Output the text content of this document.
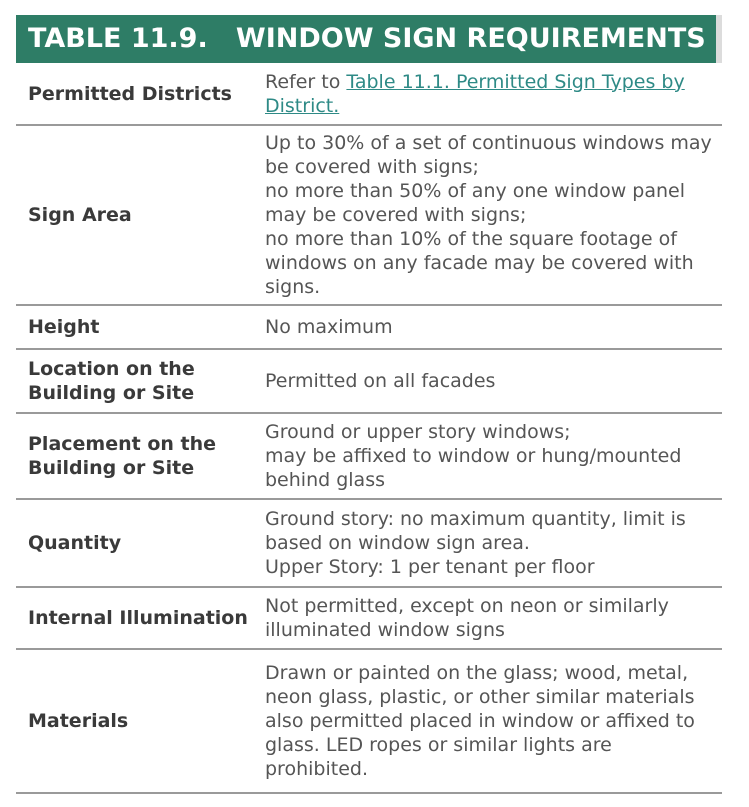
TABLE 11.9.   WINDOW SIGN REQUIREMENTS
Permitted Districts
Refer to Table 11.1. Permitted Sign Types by District.
Sign Area
Up to 30% of a set of continuous windows may be covered with signs;
no more than 50% of any one window panel may be covered with signs;
no more than 10% of the square footage of windows on any facade may be covered with signs.
Height	No maximum
Location on the Building or Site
Permitted on all facades
Placement on the Building or Site
Ground or upper story windows;
may be affixed to window or hung/mounted behind glass
Quantity
Ground story: no maximum quantity, limit is based on window sign area.
Upper Story: 1 per tenant per floor
Internal Illumination
Not permitted, except on neon or similarly illuminated window signs
Materials
Drawn or painted on the glass; wood, metal, neon glass, plastic, or other similar materials also permitted placed in window or affixed to glass. LED ropes or similar lights are prohibited.
